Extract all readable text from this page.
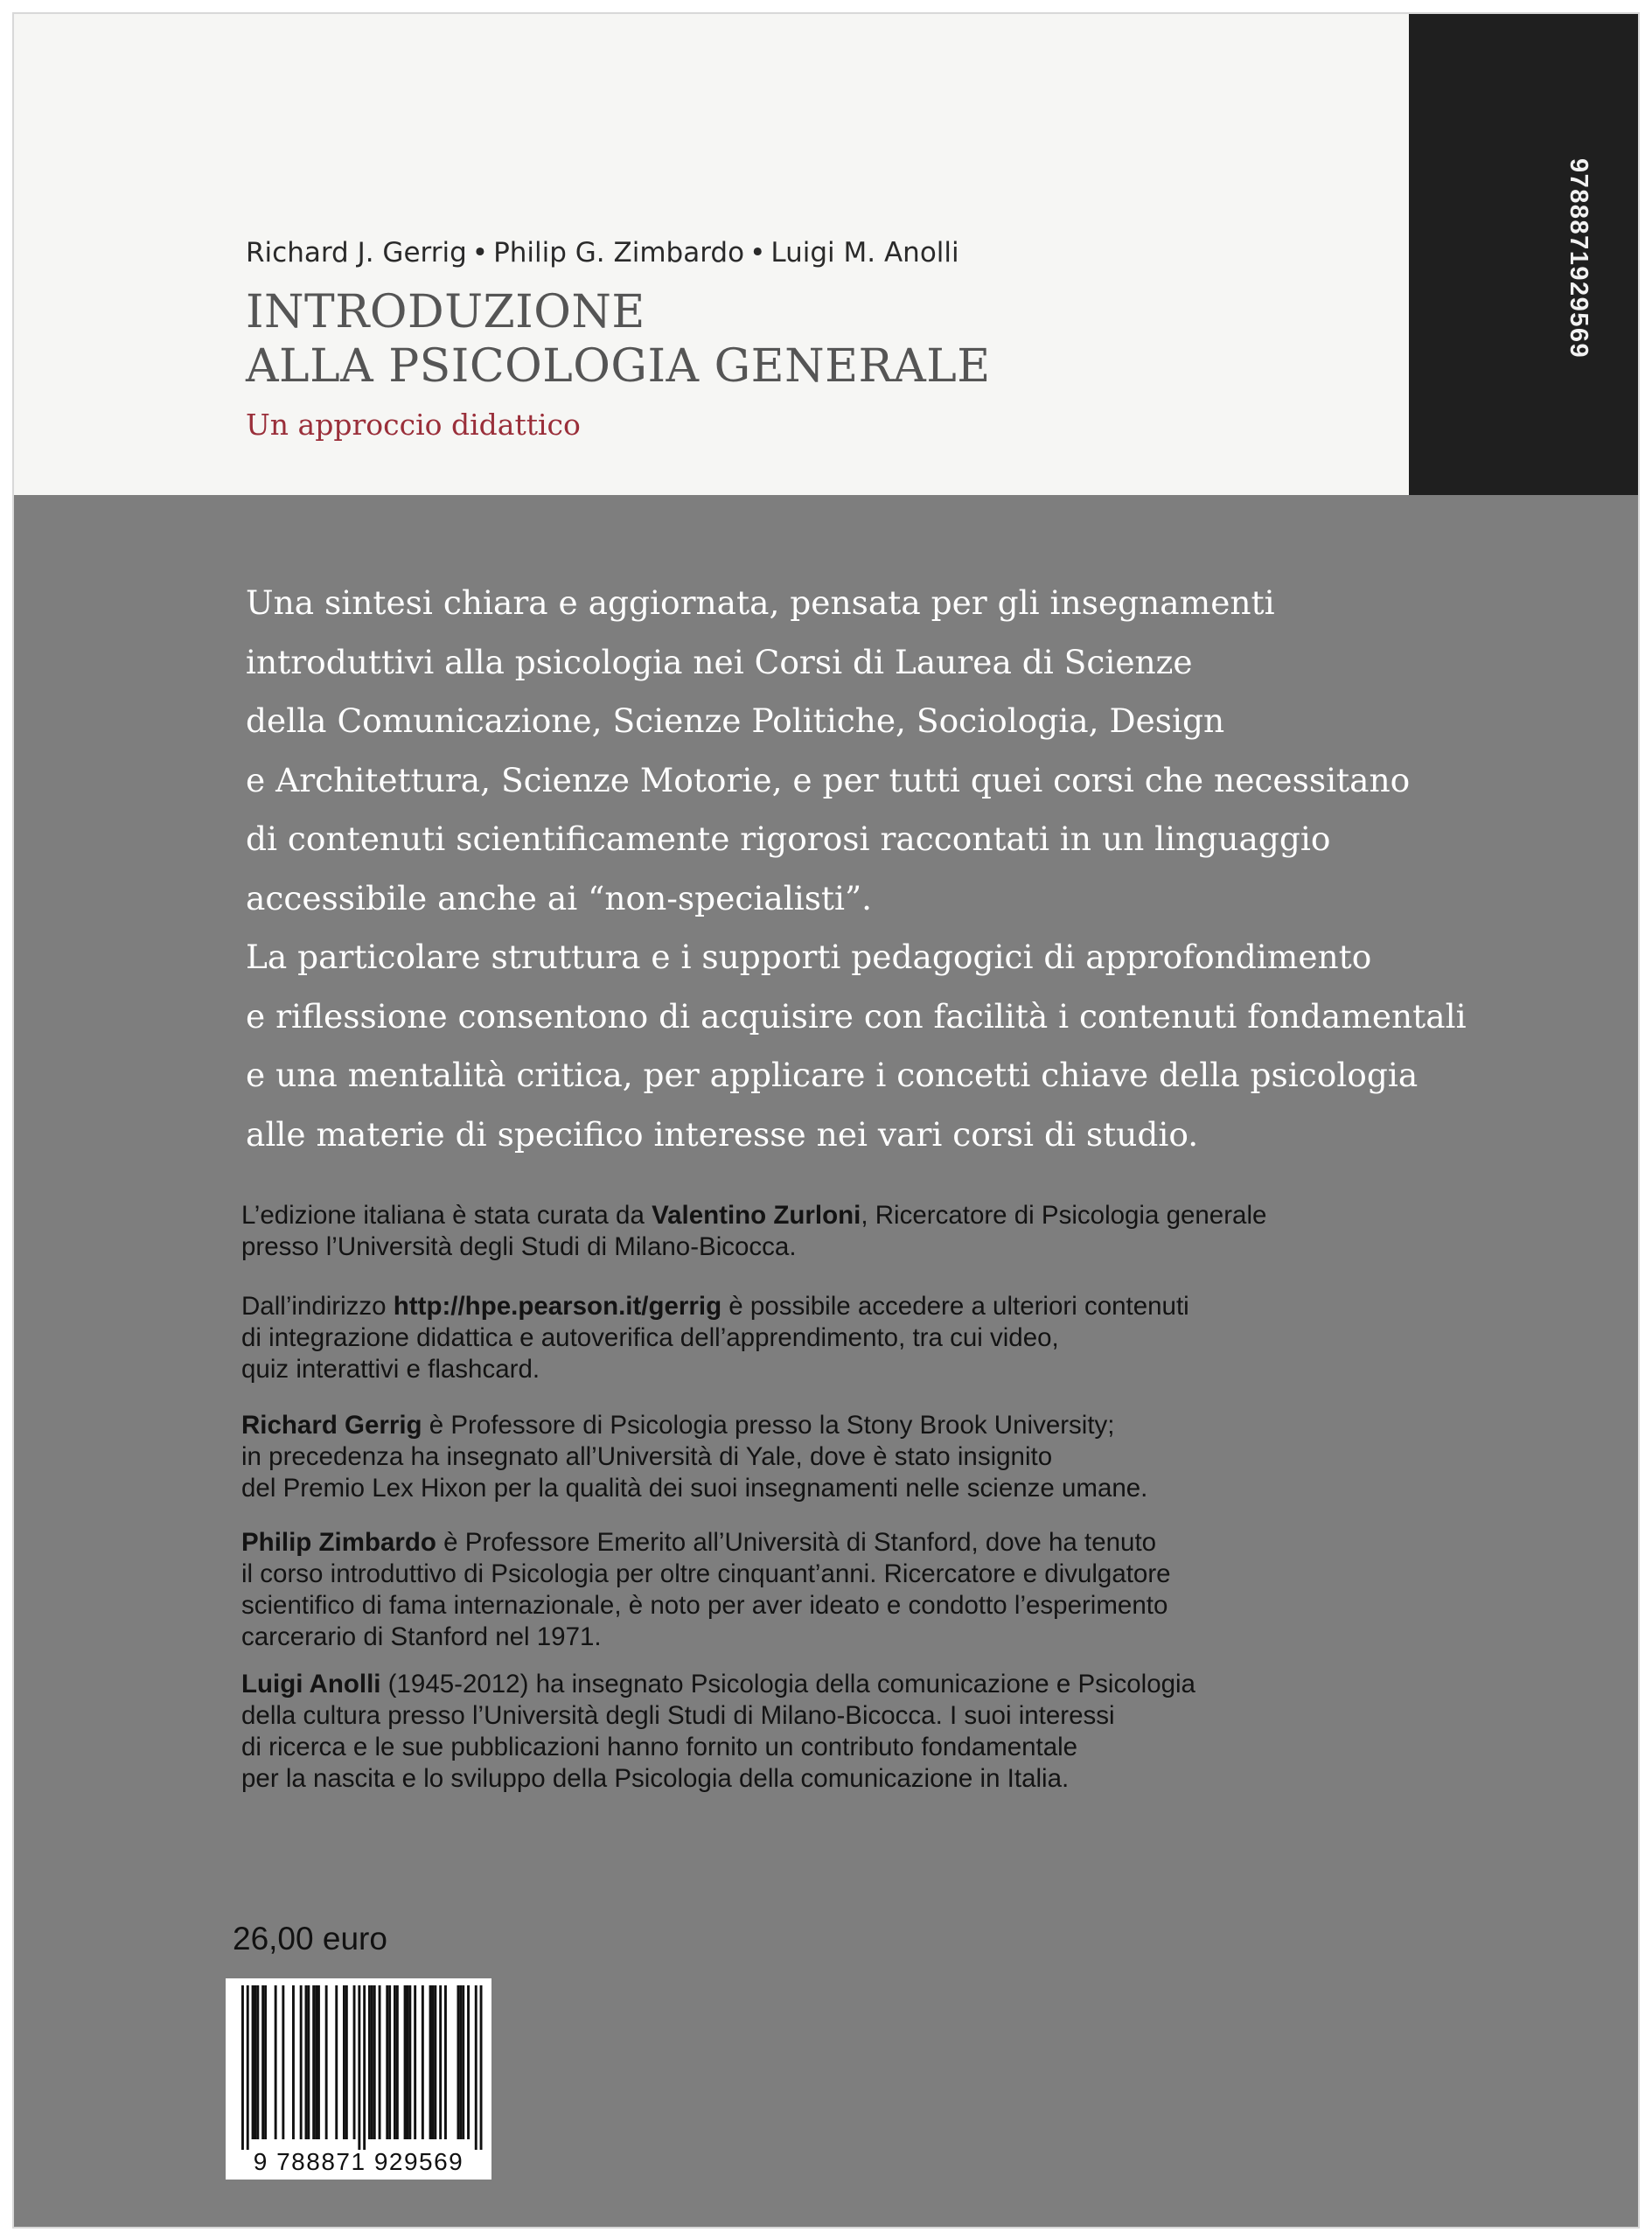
Richard J. Gerrig • Philip G. Zimbardo • Luigi M. Anolli
INTRODUZIONE
ALLA PSICOLOGIA GENERALE
Un approccio didattico
9788871929569

Una sintesi chiara e aggiornata, pensata per gli insegnamenti

introduttivi alla psicologia nei Corsi di Laurea di Scienze

della Comunicazione, Scienze Politiche, Sociologia, Design

e Architettura, Scienze Motorie, e per tutti quei corsi che necessitano

di contenuti scientificamente rigorosi raccontati in un linguaggio

accessibile anche ai “non-specialisti”.

La particolare struttura e i supporti pedagogici di approfondimento

e riflessione consentono di acquisire con facilità i contenuti fondamentali

e una mentalità critica, per applicare i concetti chiave della psicologia

alle materie di specifico interesse nei vari corsi di studio.

L’edizione italiana è stata curata da Valentino Zurloni, Ricercatore di Psicologia generale

presso l’Università degli Studi di Milano-Bicocca.

Dall’indirizzo http://hpe.pearson.it/gerrig è possibile accedere a ulteriori contenuti

di integrazione didattica e autoverifica dell’apprendimento, tra cui video,

quiz interattivi e flashcard.

Richard Gerrig è Professore di Psicologia presso la Stony Brook University;

in precedenza ha insegnato all’Università di Yale, dove è stato insignito

del Premio Lex Hixon per la qualità dei suoi insegnamenti nelle scienze umane.

Philip Zimbardo è Professore Emerito all’Università di Stanford, dove ha tenuto

il corso introduttivo di Psicologia per oltre cinquant’anni. Ricercatore e divulgatore

scientifico di fama internazionale, è noto per aver ideato e condotto l’esperimento

carcerario di Stanford nel 1971.

Luigi Anolli (1945-2012) ha insegnato Psicologia della comunicazione e Psicologia

della cultura presso l’Università degli Studi di Milano-Bicocca. I suoi interessi

di ricerca e le sue pubblicazioni hanno fornito un contributo fondamentale

per la nascita e lo sviluppo della Psicologia della comunicazione in Italia.

26,00 euro
9 788871 929569
